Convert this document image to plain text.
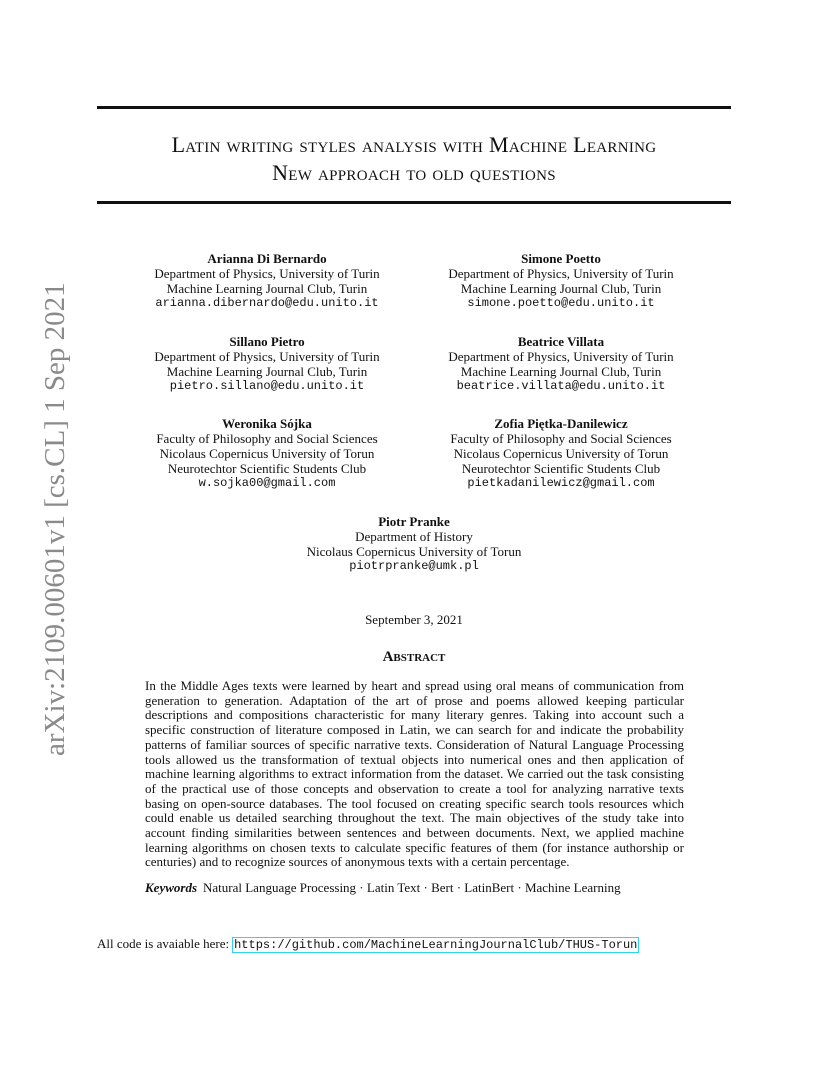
arXiv:2109.00601v1 [cs.CL] 1 Sep 2021
Latin writing styles analysis with Machine Learning
New approach to old questions
Arianna Di Bernardo
Department of Physics, University of Turin
Machine Learning Journal Club, Turin
arianna.dibernardo@edu.unito.it
Simone Poetto
Department of Physics, University of Turin
Machine Learning Journal Club, Turin
simone.poetto@edu.unito.it
Sillano Pietro
Department of Physics, University of Turin
Machine Learning Journal Club, Turin
pietro.sillano@edu.unito.it
Beatrice Villata
Department of Physics, University of Turin
Machine Learning Journal Club, Turin
beatrice.villata@edu.unito.it
Weronika Sójka
Faculty of Philosophy and Social Sciences
Nicolaus Copernicus University of Torun
Neurotechtor Scientific Students Club
w.sojka00@gmail.com
Zofia Piętka-Danilewicz
Faculty of Philosophy and Social Sciences
Nicolaus Copernicus University of Torun
Neurotechtor Scientific Students Club
pietkadanilewicz@gmail.com
Piotr Pranke
Department of History
Nicolaus Copernicus University of Torun
piotrpranke@umk.pl
September 3, 2021
Abstract
In the Middle Ages texts were learned by heart and spread using oral means of communication from generation to generation. Adaptation of the art of prose and poems allowed keeping particular descriptions and compositions characteristic for many literary genres. Taking into account such a specific construction of literature composed in Latin, we can search for and indicate the probability patterns of familiar sources of specific narrative texts. Consideration of Natural Language Processing tools allowed us the transformation of textual objects into numerical ones and then application of machine learning algorithms to extract information from the dataset. We carried out the task consisting of the practical use of those concepts and observation to create a tool for analyzing narrative texts basing on open-source databases. The tool focused on creating specific search tools resources which could enable us detailed searching throughout the text. The main objectives of the study take into account finding similarities between sentences and between documents. Next, we applied machine learning algorithms on chosen texts to calculate specific features of them (for instance authorship or centuries) and to recognize sources of anonymous texts with a certain percentage.
Keywords Natural Language Processing · Latin Text · Bert · LatinBert · Machine Learning
All code is avaiable here: https://github.com/MachineLearningJournalClub/THUS-Torun
